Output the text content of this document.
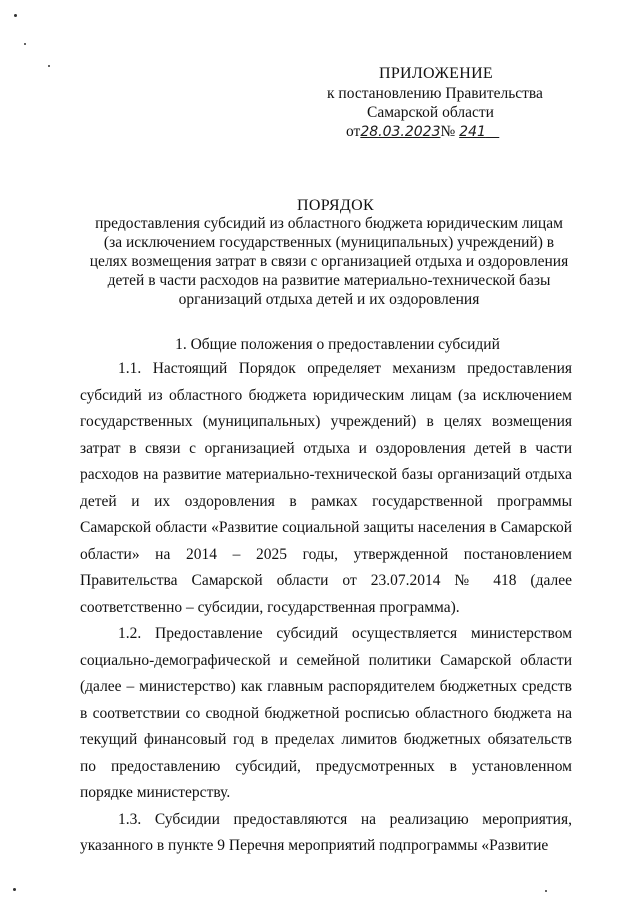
ПРИЛОЖЕНИЕ
к постановлению Правительства
Самарской области
от28.03.2023№ 241
ПОРЯДОК
предоставления субсидий из областного бюджета юридическим лицам (за исключением государственных (муниципальных) учреждений) в целях возмещения затрат в связи с организацией отдыха и оздоровления детей в части расходов на развитие материально-технической базы организаций отдыха детей и их оздоровления
1. Общие положения о предоставлении субсидий

1.1. Настоящий Порядок определяет механизм предоставления субсидий из областного бюджета юридическим лицам (за исключением государственных (муниципальных) учреждений) в целях возмещения затрат в связи с организацией отдыха и оздоровления детей в части расходов на развитие материально-технической базы организаций отдыха детей и их оздоровления в рамках государственной программы Самарской области «Развитие социальной защиты населения в Самарской области» на 2014 – 2025 годы, утвержденной постановлением Правительства Самарской области от 23.07.2014 № 418 (далее соответственно – субсидии, государственная программа).

1.2. Предоставление субсидий осуществляется министерством социально-демографической и семейной политики Самарской области (далее – министерство) как главным распорядителем бюджетных средств в соответствии со сводной бюджетной росписью областного бюджета на текущий финансовый год в пределах лимитов бюджетных обязательств по предоставлению субсидий, предусмотренных в установленном порядке министерству.

1.3. Субсидии предоставляются на реализацию мероприятия, указанного в пункте 9 Перечня мероприятий подпрограммы «Развитие
